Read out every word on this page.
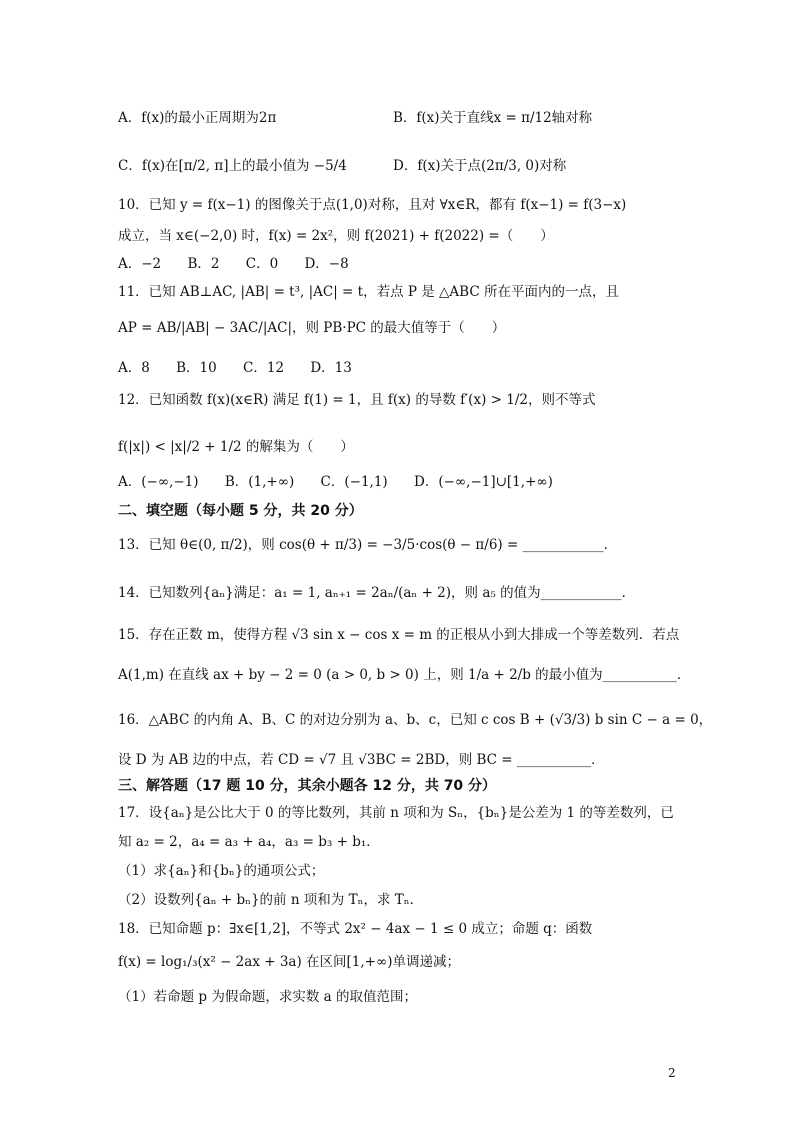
A．f(x)的最小正周期为2π	B．f(x)关于直线x = π/12轴对称
C．f(x)在[π/2, π]上的最小值为 −5/4	D．f(x)关于点(2π/3, 0)对称
10．已知 y = f(x−1) 的图像关于点(1,0)对称，且对 ∀x∈R，都有 f(x−1) = f(3−x)
成立，当 x∈(−2,0) 时，f(x) = 2x²，则 f(2021) + f(2022) =（　　）
A．−2 B．2 C．0 D．−8
11．已知 AB⊥AC, |AB| = t³, |AC| = t，若点 P 是 △ABC 所在平面内的一点，且
AP = AB/|AB| − 3AC/|AC|，则 PB·PC 的最大值等于（　　）
A．8 B．10 C．12 D．13
12．已知函数 f(x)(x∈R) 满足 f(1) = 1，且 f(x) 的导数 f′(x) > 1/2，则不等式
f(|x|) < |x|/2 + 1/2 的解集为（　　）
A．(−∞,−1) B．(1,+∞) C．(−1,1) D．(−∞,−1]∪[1,+∞)
二、填空题（每小题 5 分，共 20 分）
13．已知 θ∈(0, π/2)，则 cos(θ + π/3) = −3/5·cos(θ − π/6) = ____________．
14．已知数列{aₙ}满足：a₁ = 1, aₙ₊₁ = 2aₙ/(aₙ + 2)，则 a₅ 的值为____________．
15．存在正数 m，使得方程 √3 sin x − cos x = m 的正根从小到大排成一个等差数列．若点
A(1,m) 在直线 ax + by − 2 = 0 (a > 0, b > 0) 上，则 1/a + 2/b 的最小值为___________．
16．△ABC 的内角 A、B、C 的对边分别为 a、b、c，已知 c cos B + (√3/3) b sin C − a = 0，
设 D 为 AB 边的中点，若 CD = √7 且 √3BC = 2BD，则 BC = ___________．
三、解答题（17 题 10 分，其余小题各 12 分，共 70 分）
17．设{aₙ}是公比大于 0 的等比数列，其前 n 项和为 Sₙ，{bₙ}是公差为 1 的等差数列，已
知 a₂ = 2，a₄ = a₃ + a₄，a₃ = b₃ + b₁．
（1）求{aₙ}和{bₙ}的通项公式；
（2）设数列{aₙ + bₙ}的前 n 项和为 Tₙ，求 Tₙ．
18．已知命题 p：∃x∈[1,2]，不等式 2x² − 4ax − 1 ≤ 0 成立；命题 q：函数
f(x) = log₁/₃(x² − 2ax + 3a) 在区间[1,+∞)单调递减；
（1）若命题 p 为假命题，求实数 a 的取值范围；
2
